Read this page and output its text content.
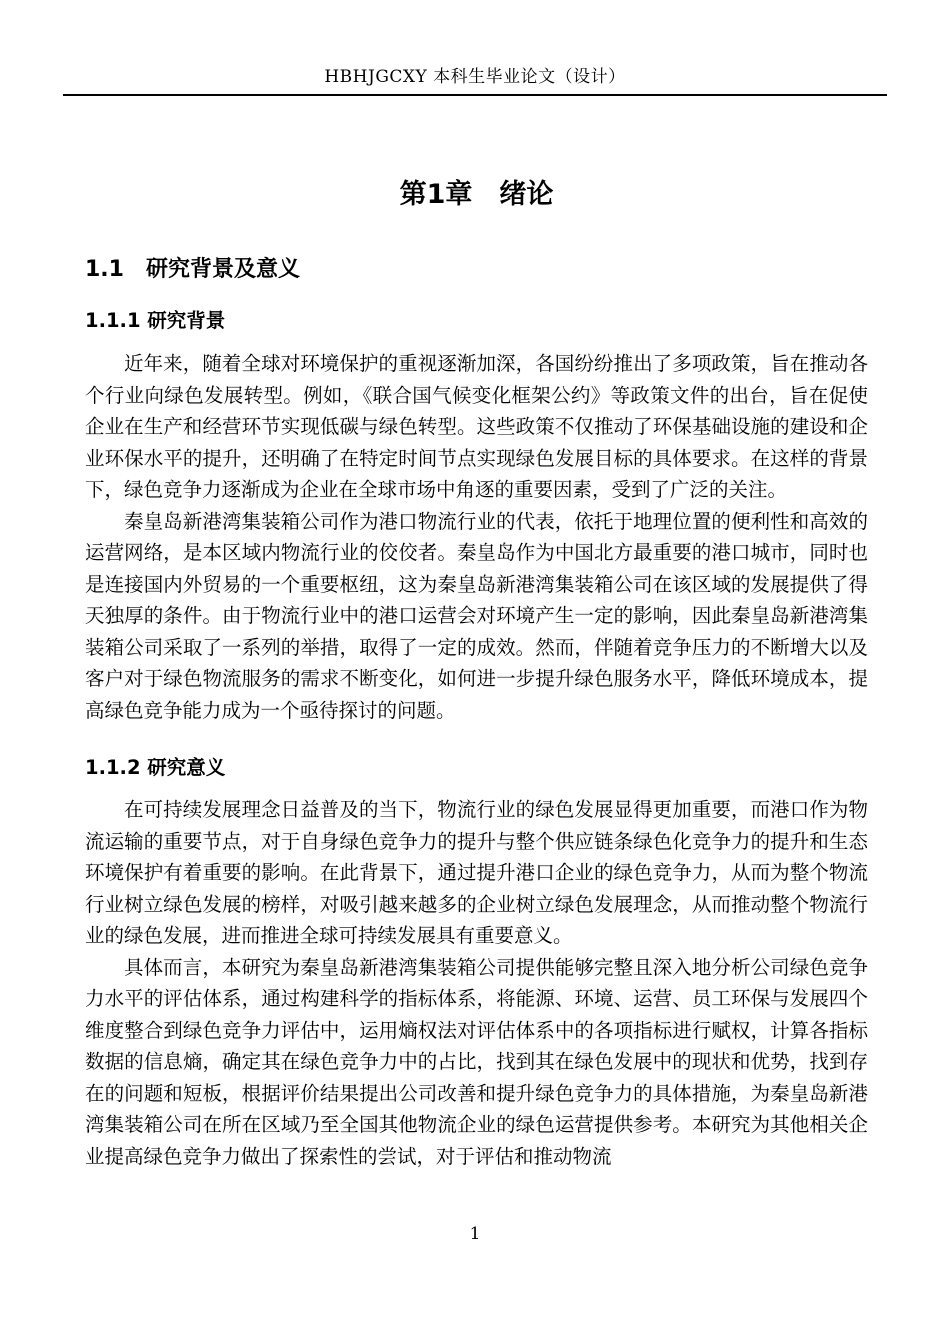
HBHJGCXY 本科生毕业论文（设计）
第1章　绪论
1.1　研究背景及意义
1.1.1 研究背景

近年来，随着全球对环境保护的重视逐渐加深，各国纷纷推出了多项政策，旨在推动各个行业向绿色发展转型。例如，《联合国气候变化框架公约》等政策文件的出台，旨在促使企业在生产和经营环节实现低碳与绿色转型。这些政策不仅推动了环保基础设施的建设和企业环保水平的提升，还明确了在特定时间节点实现绿色发展目标的具体要求。在这样的背景下，绿色竞争力逐渐成为企业在全球市场中角逐的重要因素，受到了广泛的关注。

秦皇岛新港湾集装箱公司作为港口物流行业的代表，依托于地理位置的便利性和高效的运营网络，是本区域内物流行业的佼佼者。秦皇岛作为中国北方最重要的港口城市，同时也是连接国内外贸易的一个重要枢纽，这为秦皇岛新港湾集装箱公司在该区域的发展提供了得天独厚的条件。由于物流行业中的港口运营会对环境产生一定的影响，因此秦皇岛新港湾集装箱公司采取了一系列的举措，取得了一定的成效。然而，伴随着竞争压力的不断增大以及客户对于绿色物流服务的需求不断变化，如何进一步提升绿色服务水平，降低环境成本，提高绿色竞争能力成为一个亟待探讨的问题。

1.1.2 研究意义

在可持续发展理念日益普及的当下，物流行业的绿色发展显得更加重要，而港口作为物流运输的重要节点，对于自身绿色竞争力的提升与整个供应链条绿色化竞争力的提升和生态环境保护有着重要的影响。在此背景下，通过提升港口企业的绿色竞争力，从而为整个物流行业树立绿色发展的榜样，对吸引越来越多的企业树立绿色发展理念，从而推动整个物流行业的绿色发展，进而推进全球可持续发展具有重要意义。

具体而言，本研究为秦皇岛新港湾集装箱公司提供能够完整且深入地分析公司绿色竞争力水平的评估体系，通过构建科学的指标体系，将能源、环境、运营、员工环保与发展四个维度整合到绿色竞争力评估中，运用熵权法对评估体系中的各项指标进行赋权，计算各指标数据的信息熵，确定其在绿色竞争力中的占比，找到其在绿色发展中的现状和优势，找到存在的问题和短板，根据评价结果提出公司改善和提升绿色竞争力的具体措施，为秦皇岛新港湾集装箱公司在所在区域乃至全国其他物流企业的绿色运营提供参考。本研究为其他相关企业提高绿色竞争力做出了探索性的尝试，对于评估和推动物流

1
